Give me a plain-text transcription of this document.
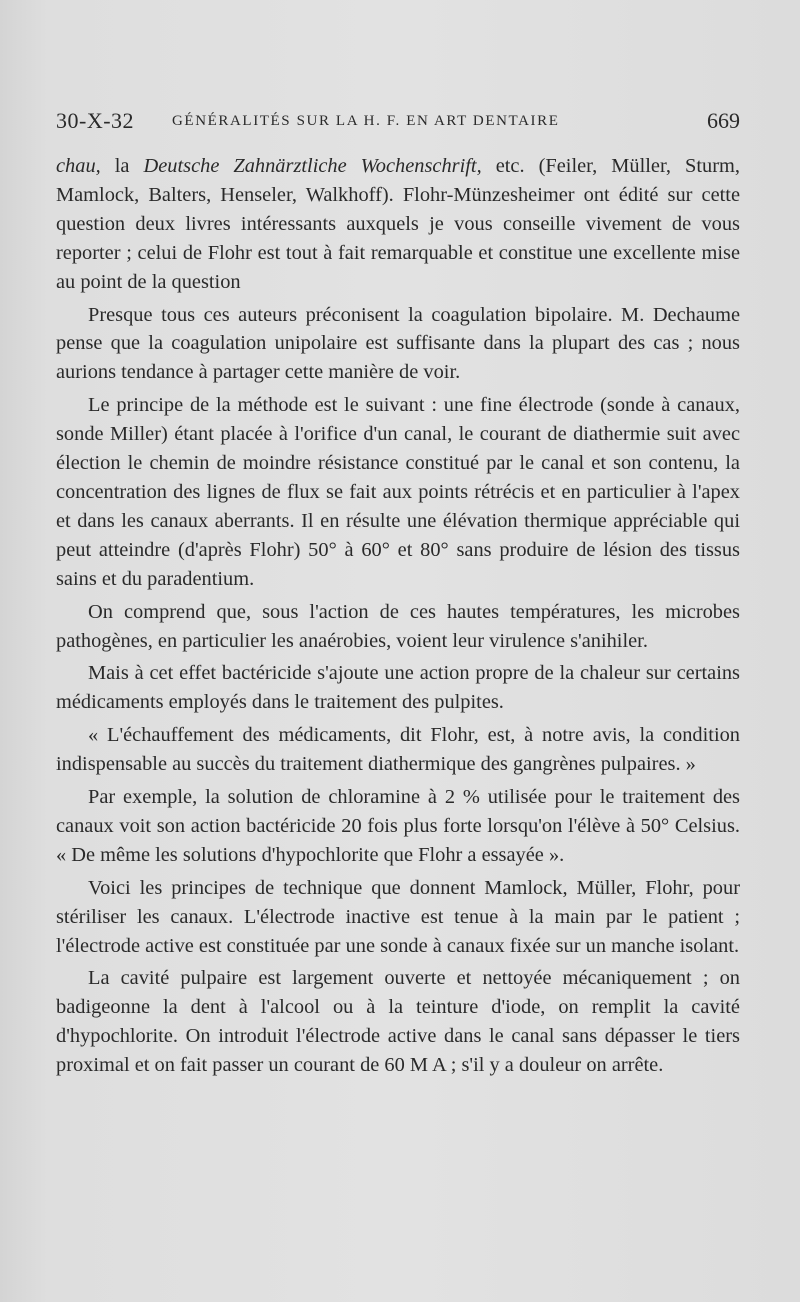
30-X-32	GÉNÉRALITÉS SUR LA H. F. EN ART DENTAIRE	669

chau, la Deutsche Zahnärztliche Wochenschrift, etc. (Feiler, Müller, Sturm, Mamlock, Balters, Henseler, Walkhoff). Flohr-Münzesheimer ont édité sur cette question deux livres intéressants auxquels je vous conseille vivement de vous reporter ; celui de Flohr est tout à fait remarquable et constitue une excellente mise au point de la question

Presque tous ces auteurs préconisent la coagulation bipolaire. M. Dechaume pense que la coagulation unipolaire est suffisante dans la plupart des cas ; nous aurions tendance à partager cette manière de voir.

Le principe de la méthode est le suivant : une fine électrode (sonde à canaux, sonde Miller) étant placée à l'orifice d'un canal, le courant de diathermie suit avec élection le chemin de moindre résistance constitué par le canal et son contenu, la concentration des lignes de flux se fait aux points rétrécis et en particulier à l'apex et dans les canaux aberrants. Il en résulte une élévation thermique appréciable qui peut atteindre (d'après Flohr) 50° à 60° et 80° sans produire de lésion des tissus sains et du paradentium.

On comprend que, sous l'action de ces hautes températures, les microbes pathogènes, en particulier les anaérobies, voient leur virulence s'anihiler.

Mais à cet effet bactéricide s'ajoute une action propre de la chaleur sur certains médicaments employés dans le traitement des pulpites.

« L'échauffement des médicaments, dit Flohr, est, à notre avis, la condition indispensable au succès du traitement diathermique des gangrènes pulpaires. »

Par exemple, la solution de chloramine à 2 % utilisée pour le traitement des canaux voit son action bactéricide 20 fois plus forte lorsqu'on l'élève à 50° Celsius. « De même les solutions d'hypochlorite que Flohr a essayée ».

Voici les principes de technique que donnent Mamlock, Müller, Flohr, pour stériliser les canaux. L'électrode inactive est tenue à la main par le patient ; l'électrode active est constituée par une sonde à canaux fixée sur un manche isolant.

La cavité pulpaire est largement ouverte et nettoyée mécaniquement ; on badigeonne la dent à l'alcool ou à la teinture d'iode, on remplit la cavité d'hypochlorite. On introduit l'électrode active dans le canal sans dépasser le tiers proximal et on fait passer un courant de 60 M A ; s'il y a douleur on arrête.
